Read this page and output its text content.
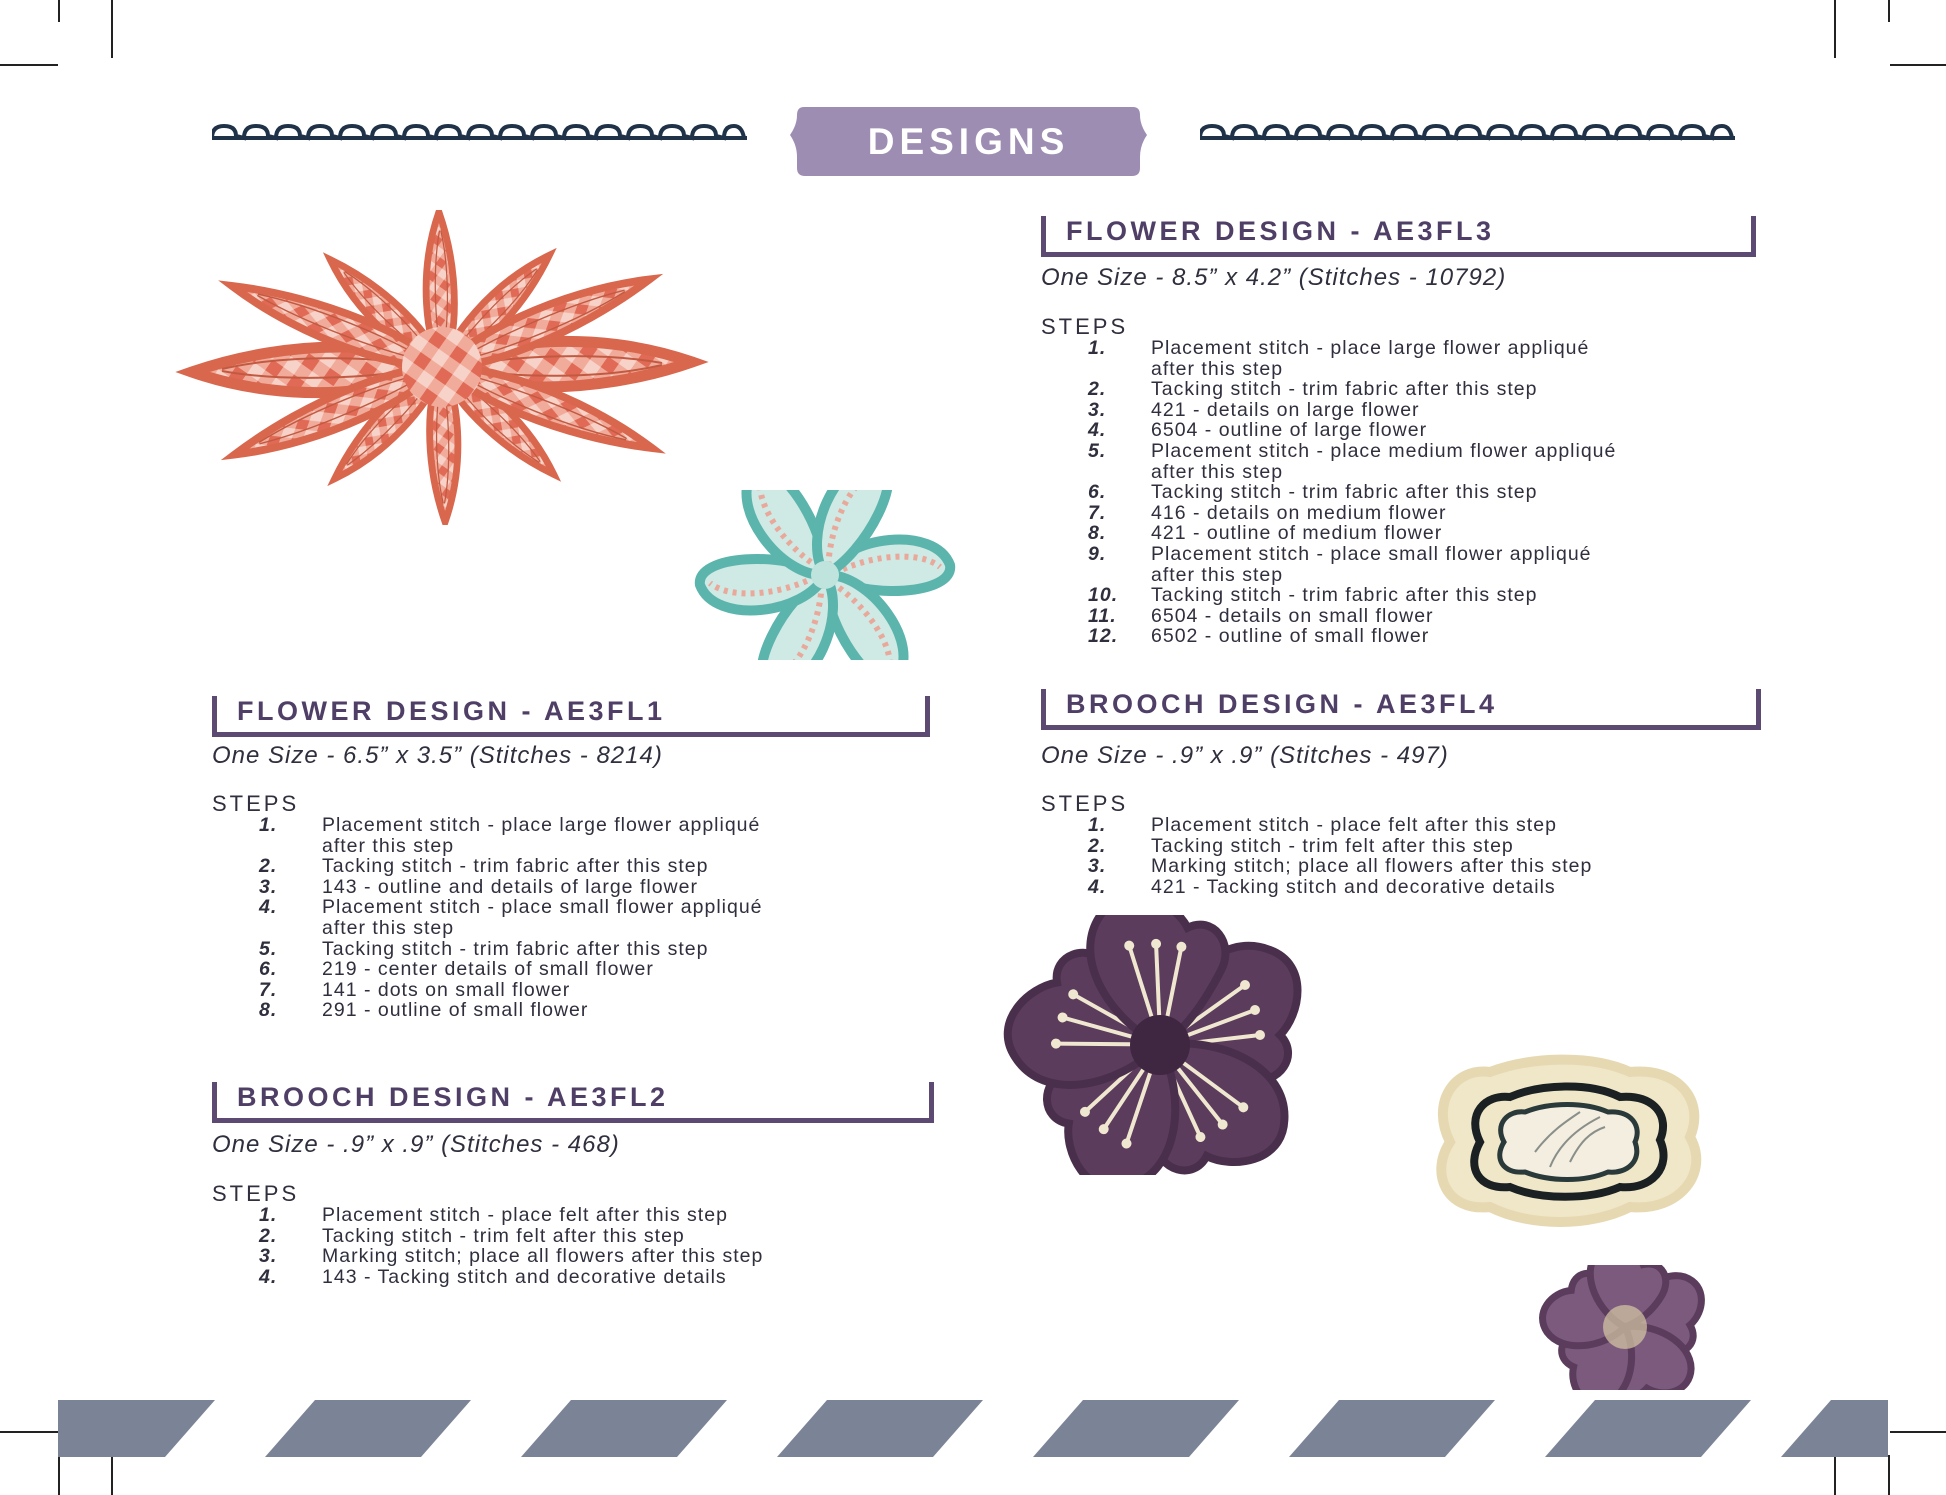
DESIGNS
FLOWER DESIGN - AE3FL1
One Size - 6.5” x 3.5” (Stitches - 8214)
STEPS
1.	Placement stitch - place large flower appliqué
after this step
2.	Tacking stitch - trim fabric after this step
3.	143 - outline and details of large flower
4.	Placement stitch - place small flower appliqué
after this step
5.	Tacking stitch - trim fabric after this step
6.	219 - center details of small flower
7.	141 - dots on small flower
8.	291 - outline of small flower
BROOCH DESIGN - AE3FL2
One Size - .9” x .9” (Stitches - 468)
STEPS
1.	Placement stitch - place felt after this step
2.	Tacking stitch - trim felt after this step
3.	Marking stitch; place all flowers after this step
4.	143 - Tacking stitch and decorative details
FLOWER DESIGN - AE3FL3
One Size - 8.5” x 4.2” (Stitches - 10792)
STEPS
1.	Placement stitch - place large flower appliqué
after this step
2.	Tacking stitch - trim fabric after this step
3.	421 - details on large flower
4.	6504 - outline of large flower
5.	Placement stitch - place medium flower appliqué
after this step
6.	Tacking stitch - trim fabric after this step
7.	416 - details on medium flower
8.	421 - outline of medium flower
9.	Placement stitch - place small flower appliqué
after this step
10.	Tacking stitch - trim fabric after this step
11.	6504 - details on small flower
12.	6502 - outline of small flower
BROOCH DESIGN - AE3FL4
One Size - .9” x .9” (Stitches - 497)
STEPS
1.	Placement stitch - place felt after this step
2.	Tacking stitch - trim felt after this step
3.	Marking stitch; place all flowers after this step
4.	421 - Tacking stitch and decorative details
